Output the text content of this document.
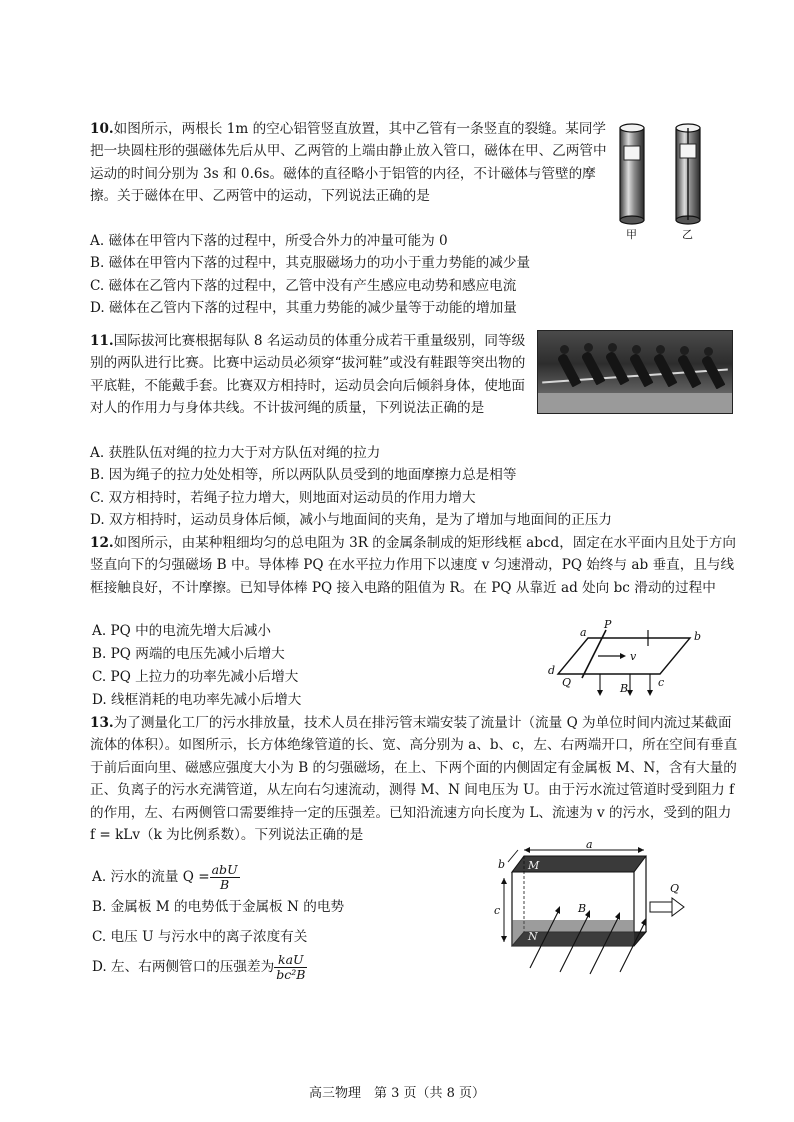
10.如图所示，两根长 1m 的空心铝管竖直放置，其中乙管有一条竖直的裂缝。某同学把一块圆柱形的强磁体先后从甲、乙两管的上端由静止放入管口，磁体在甲、乙两管中运动的时间分别为 3s 和 0.6s。磁体的直径略小于铝管的内径，不计磁体与管壁的摩擦。关于磁体在甲、乙两管中的运动，下列说法正确的是

A. 磁体在甲管内下落的过程中，所受合外力的冲量可能为 0

B. 磁体在甲管内下落的过程中，其克服磁场力的功小于重力势能的减少量

C. 磁体在乙管内下落的过程中，乙管中没有产生感应电动势和感应电流

D. 磁体在乙管内下落的过程中，其重力势能的减少量等于动能的增加量

甲	乙

11.国际拔河比赛根据每队 8 名运动员的体重分成若干重量级别，同等级别的两队进行比赛。比赛中运动员必须穿“拔河鞋”或没有鞋跟等突出物的平底鞋，不能戴手套。比赛双方相持时，运动员会向后倾斜身体，使地面对人的作用力与身体共线。不计拔河绳的质量，下列说法正确的是

A. 获胜队伍对绳的拉力大于对方队伍对绳的拉力

B. 因为绳子的拉力处处相等，所以两队队员受到的地面摩擦力总是相等

C. 双方相持时，若绳子拉力增大，则地面对运动员的作用力增大

D. 双方相持时，运动员身体后倾，减小与地面间的夹角，是为了增加与地面间的正压力

12.如图所示，由某种粗细均匀的总电阻为 3R 的金属条制成的矩形线框 abcd，固定在水平面内且处于方向竖直向下的匀强磁场 B 中。导体棒 PQ 在水平拉力作用下以速度 v 匀速滑动，PQ 始终与 ab 垂直，且与线框接触良好，不计摩擦。已知导体棒 PQ 接入电路的阻值为 R。在 PQ 从靠近 ad 处向 bc 滑动的过程中

A. PQ 中的电流先增大后减小

B. PQ 两端的电压先减小后增大

C. PQ 上拉力的功率先减小后增大

D. 线框消耗的电功率先减小后增大

a
P
b
v
d
Q	c
B

13.为了测量化工厂的污水排放量，技术人员在排污管末端安装了流量计（流量 Q 为单位时间内流过某截面流体的体积）。如图所示，长方体绝缘管道的长、宽、高分别为 a、b、c，左、右两端开口，所在空间有垂直于前后面向里、磁感应强度大小为 B 的匀强磁场，在上、下两个面的内侧固定有金属板 M、N，含有大量的正、负离子的污水充满管道，从左向右匀速流动，测得 M、N 间电压为 U。由于污水流过管道时受到阻力 f 的作用，左、右两侧管口需要维持一定的压强差。已知沿流速方向长度为 L、流速为 v 的污水，受到的阻力 f = kLv（k 为比例系数）。下列说法正确的是

A. 污水的流量 $Q = \frac{\text{abU}}{B}$

B. 金属板 M 的电势低于金属板 N 的电势

C. 电压 U 与污水中的离子浓度有关

D. 左、右两侧管口的压强差为 $\frac{\text{kaU}}{\text{bc²B}}$

a
b
c
M
N
B
Q
高三物理　第 3 页（共 8 页）
